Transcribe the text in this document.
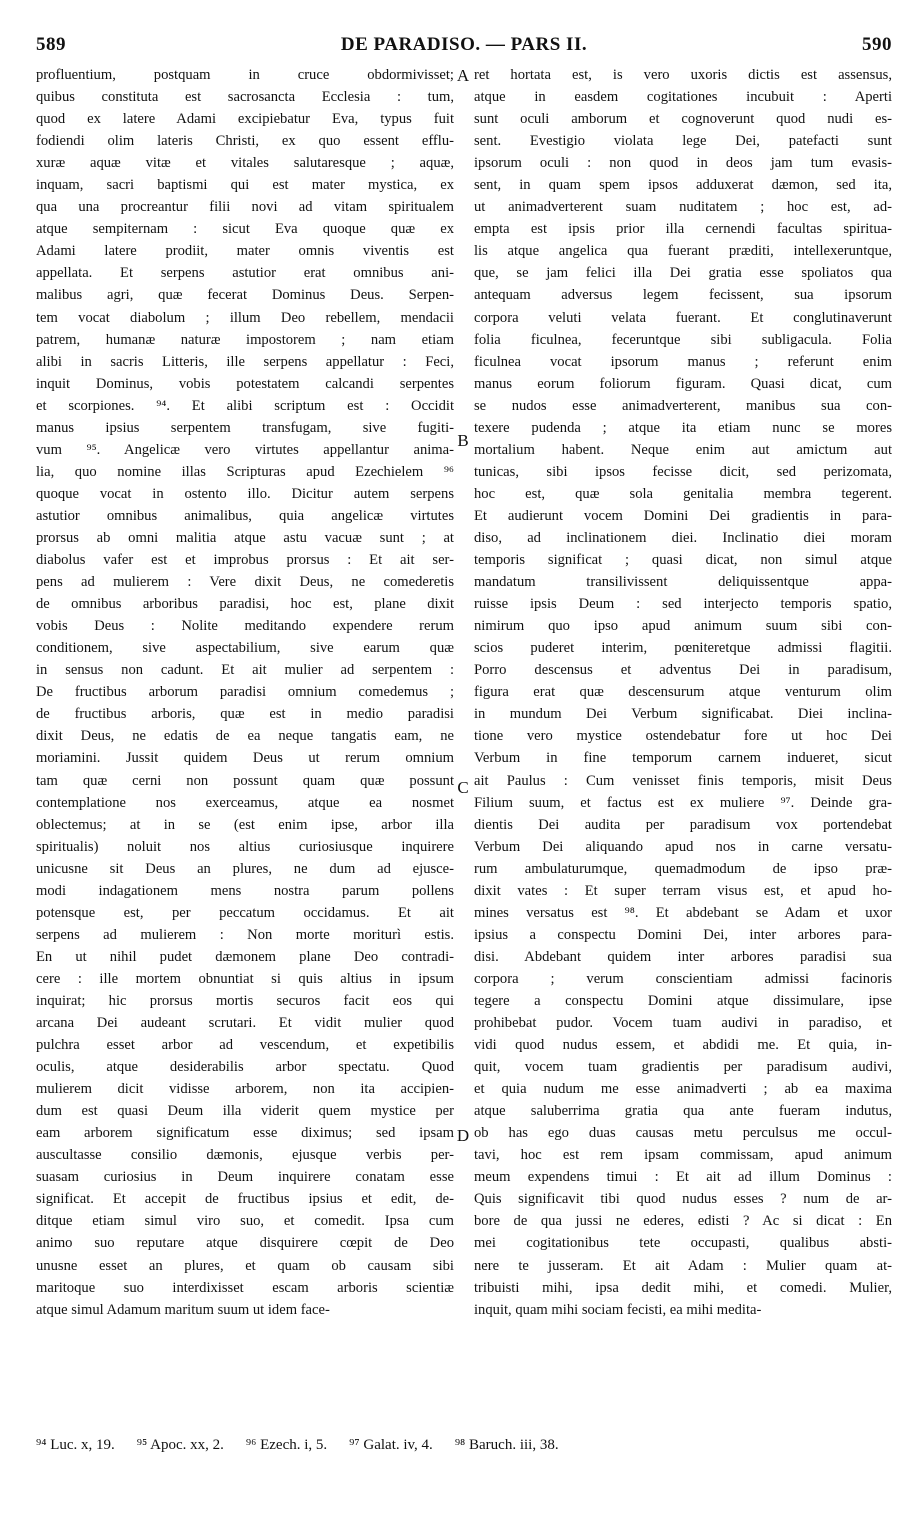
589	DE PARADISO. — PARS II.	590

profluentium, postquam in cruce obdormivisset;

quibus constituta est sacrosancta Ecclesia : tum,

quod ex latere Adami excipiebatur Eva, typus fuit

fodiendi olim lateris Christi, ex quo essent efflu-

xuræ aquæ vitæ et vitales salutaresque ; aquæ,

inquam, sacri baptismi qui est mater mystica, ex

qua una procreantur filii novi ad vitam spiritualem

atque sempiternam : sicut Eva quoque quæ ex

Adami latere prodiit, mater omnis viventis est

appellata. Et serpens astutior erat omnibus ani-

malibus agri, quæ fecerat Dominus Deus. Serpen-

tem vocat diabolum ; illum Deo rebellem, mendacii

patrem, humanæ naturæ impostorem ; nam etiam

alibi in sacris Litteris, ille serpens appellatur : Feci,

inquit Dominus, vobis potestatem calcandi serpentes

et scorpiones. ⁹⁴. Et alibi scriptum est : Occidit

manus ipsius serpentem transfugam, sive fugiti-

vum ⁹⁵. Angelicæ vero virtutes appellantur anima-

lia, quo nomine illas Scripturas apud Ezechielem ⁹⁶

quoque vocat in ostento illo. Dicitur autem serpens

astutior omnibus animalibus, quia angelicæ virtutes

prorsus ab omni malitia atque astu vacuæ sunt ; at

diabolus vafer est et improbus prorsus : Et ait ser-

pens ad mulierem : Vere dixit Deus, ne comederetis

de omnibus arboribus paradisi, hoc est, plane dixit

vobis Deus : Nolite meditando expendere rerum

conditionem, sive aspectabilium, sive earum quæ

in sensus non cadunt. Et ait mulier ad serpentem :

De fructibus arborum paradisi omnium comedemus ;

de fructibus arboris, quæ est in medio paradisi

dixit Deus, ne edatis de ea neque tangatis eam, ne

moriamini. Jussit quidem Deus ut rerum omnium

tam quæ cerni non possunt quam quæ possunt

contemplatione nos exerceamus, atque ea nosmet

oblectemus; at in se (est enim ipse, arbor illa

spiritualis) noluit nos altius curiosiusque inquirere

unicusne sit Deus an plures, ne dum ad ejusce-

modi indagationem mens nostra parum pollens

potensque est, per peccatum occidamus. Et ait

serpens ad mulierem : Non morte moriturì estis.

En ut nihil pudet dæmonem plane Deo contradi-

cere : ille mortem obnuntiat si quis altius in ipsum

inquirat; hic prorsus mortis securos facit eos qui

arcana Dei audeant scrutari. Et vidit mulier quod

pulchra esset arbor ad vescendum, et expetibilis

oculis, atque desiderabilis arbor spectatu. Quod

mulierem dicit vidisse arborem, non ita accipien-

dum est quasi Deum illa viderit quem mystice per

eam arborem significatum esse diximus; sed ipsam

auscultasse consilio dæmonis, ejusque verbis per-

suasam curiosius in Deum inquirere conatam esse

significat. Et accepit de fructibus ipsius et edit, de-

ditque etiam simul viro suo, et comedit. Ipsa cum

animo suo reputare atque disquirere cœpit de Deo

unusne esset an plures, et quam ob causam sibi

maritoque suo interdixisset escam arboris scientiæ

atque simul Adamum maritum suum ut idem face-

ret hortata est, is vero uxoris dictis est assensus,

atque in easdem cogitationes incubuit : Aperti

sunt oculi amborum et cognoverunt quod nudi es-

sent. Evestigio violata lege Dei, patefacti sunt

ipsorum oculi : non quod in deos jam tum evasis-

sent, in quam spem ipsos adduxerat dæmon, sed ita,

ut animadverterent suam nuditatem ; hoc est, ad-

empta est ipsis prior illa cernendi facultas spiritua-

lis atque angelica qua fuerant præditi, intellexeruntque,

que, se jam felici illa Dei gratia esse spoliatos qua

antequam adversus legem fecissent, sua ipsorum

corpora veluti velata fuerant. Et conglutinaverunt

folia ficulnea, feceruntque sibi subligacula. Folia

ficulnea vocat ipsorum manus ; referunt enim

manus eorum foliorum figuram. Quasi dicat, cum

se nudos esse animadverterent, manibus sua con-

texere pudenda ; atque ita etiam nunc se mores

mortalium habent. Neque enim aut amictum aut

tunicas, sibi ipsos fecisse dicit, sed perizomata,

hoc est, quæ sola genitalia membra tegerent.

Et audierunt vocem Domini Dei gradientis in para-

diso, ad inclinationem diei. Inclinatio diei moram

temporis significat ; quasi dicat, non simul atque

mandatum transilivissent deliquissentque appa-

ruisse ipsis Deum : sed interjecto temporis spatio,

nimirum quo ipso apud animum suum sibi con-

scios puderet interim, pœniteretque admissi flagitii.

Porro descensus et adventus Dei in paradisum,

figura erat quæ descensurum atque venturum olim

in mundum Dei Verbum significabat. Diei inclina-

tione vero mystice ostendebatur fore ut hoc Dei

Verbum in fine temporum carnem indueret, sicut

ait Paulus : Cum venisset finis temporis, misit Deus

Filium suum, et factus est ex muliere ⁹⁷. Deinde gra-

dientis Dei audita per paradisum vox portendebat

Verbum Dei aliquando apud nos in carne versatu-

rum ambulaturumque, quemadmodum de ipso præ-

dixit vates : Et super terram visus est, et apud ho-

mines versatus est ⁹⁸. Et abdebant se Adam et uxor

ipsius a conspectu Domini Dei, inter arbores para-

disi. Abdebant quidem inter arbores paradisi sua

corpora ; verum conscientiam admissi facinoris

tegere a conspectu Domini atque dissimulare, ipse

prohibebat pudor. Vocem tuam audivi in paradiso, et

vidi quod nudus essem, et abdidi me. Et quia, in-

quit, vocem tuam gradientis per paradisum audivi,

et quia nudum me esse animadverti ; ab ea maxima

atque saluberrima gratia qua ante fueram indutus,

ob has ego duas causas metu perculsus me occul-

tavi, hoc est rem ipsam commissam, apud animum

meum expendens timui : Et ait ad illum Dominus :

Quis significavit tibi quod nudus esses ? num de ar-

bore de qua jussi ne ederes, edisti ? Ac si dicat : En

mei cogitationibus tete occupasti, qualibus absti-

nere te jusseram. Et ait Adam : Mulier quam at-

tribuisti mihi, ipsa dedit mihi, et comedi. Mulier,

inquit, quam mihi sociam fecisti, ea mihi medita-

A
B
C
D
⁹⁴ Luc. x, 19. ⁹⁵ Apoc. xx, 2. ⁹⁶ Ezech. i, 5. ⁹⁷ Galat. iv, 4. ⁹⁸ Baruch. iii, 38.
